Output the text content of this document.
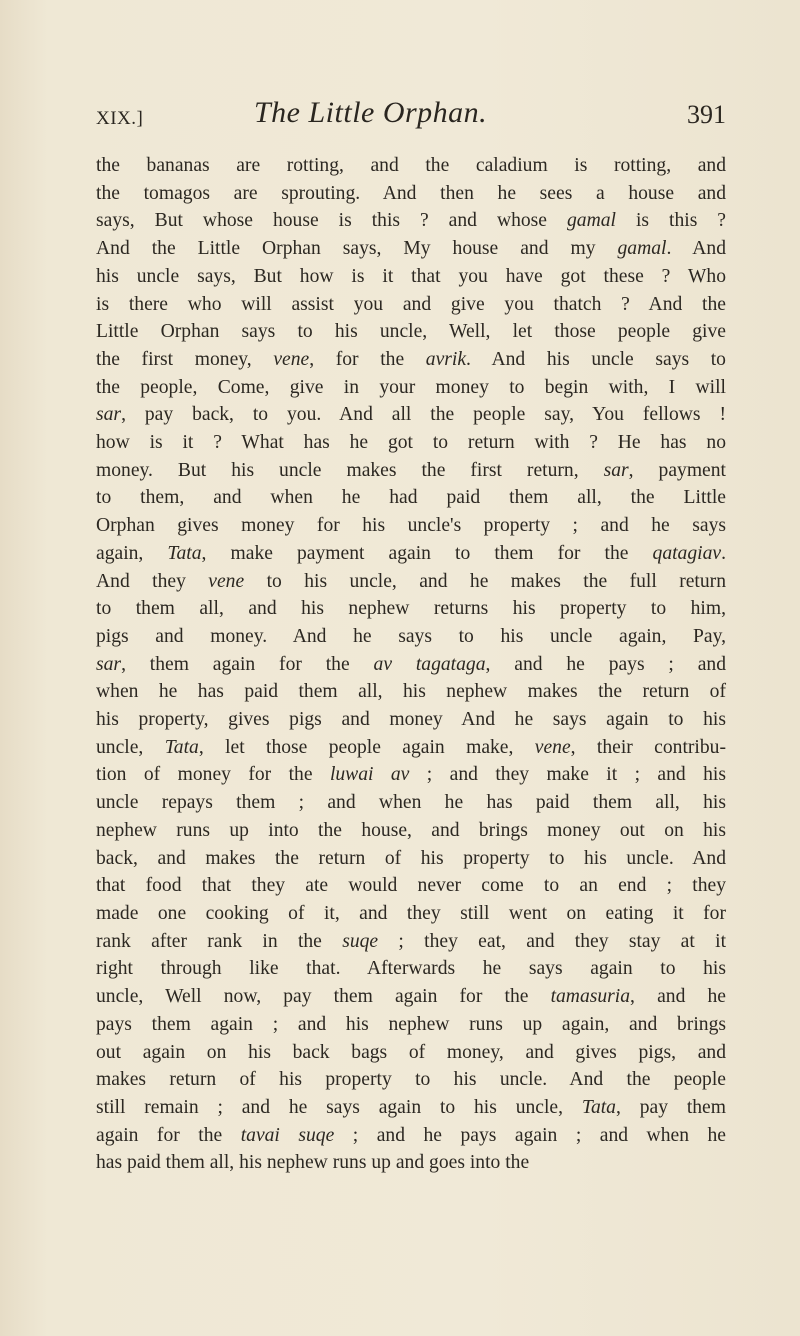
XIX.]	The Little Orphan.	391
the bananas are rotting, and the caladium is rotting, and
the tomagos are sprouting. And then he sees a house and
says, But whose house is this ? and whose gamal is this ?
And the Little Orphan says, My house and my gamal. And
his uncle says, But how is it that you have got these ? Who
is there who will assist you and give you thatch ? And the
Little Orphan says to his uncle, Well, let those people give
the first money, vene, for the avrik. And his uncle says to
the people, Come, give in your money to begin with, I will
sar, pay back, to you. And all the people say, You fellows !
how is it ? What has he got to return with ? He has no
money. But his uncle makes the first return, sar, payment
to them, and when he had paid them all, the Little
Orphan gives money for his uncle's property ; and he says
again, Tata, make payment again to them for the qatagiav.
And they vene to his uncle, and he makes the full return
to them all, and his nephew returns his property to him,
pigs and money. And he says to his uncle again, Pay,
sar, them again for the av tagataga, and he pays ; and
when he has paid them all, his nephew makes the return of
his property, gives pigs and money And he says again to his
uncle, Tata, let those people again make, vene, their contribu-
tion of money for the luwai av ; and they make it ; and his
uncle repays them ; and when he has paid them all, his
nephew runs up into the house, and brings money out on his
back, and makes the return of his property to his uncle. And
that food that they ate would never come to an end ; they
made one cooking of it, and they still went on eating it for
rank after rank in the suqe ; they eat, and they stay at it
right through like that. Afterwards he says again to his
uncle, Well now, pay them again for the tamasuria, and he
pays them again ; and his nephew runs up again, and brings
out again on his back bags of money, and gives pigs, and
makes return of his property to his uncle. And the people
still remain ; and he says again to his uncle, Tata, pay them
again for the tavai suqe ; and he pays again ; and when he
has paid them all, his nephew runs up and goes into the
